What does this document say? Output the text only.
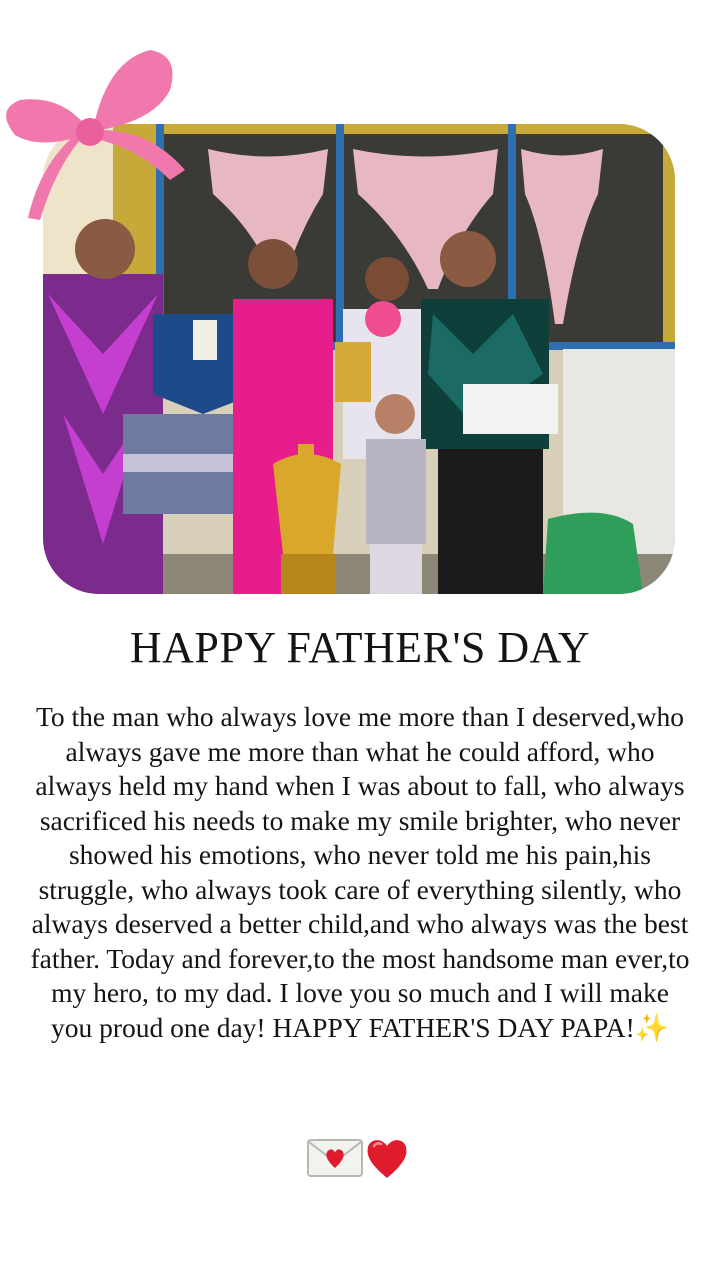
HAPPY FATHER'S DAY

To the man who always love me more than I deserved,who always gave me more than what he could afford, who always held my hand when I was about to fall, who always sacrificed his needs to make my smile brighter, who never showed his emotions, who never told me his pain,his struggle, who always took care of everything silently, who always deserved a better child,and who always was the best father. Today and forever,to the most handsome man ever,to my hero, to my dad. I love you so much and I will make you proud one day! HAPPY FATHER'S DAY PAPA!✨
